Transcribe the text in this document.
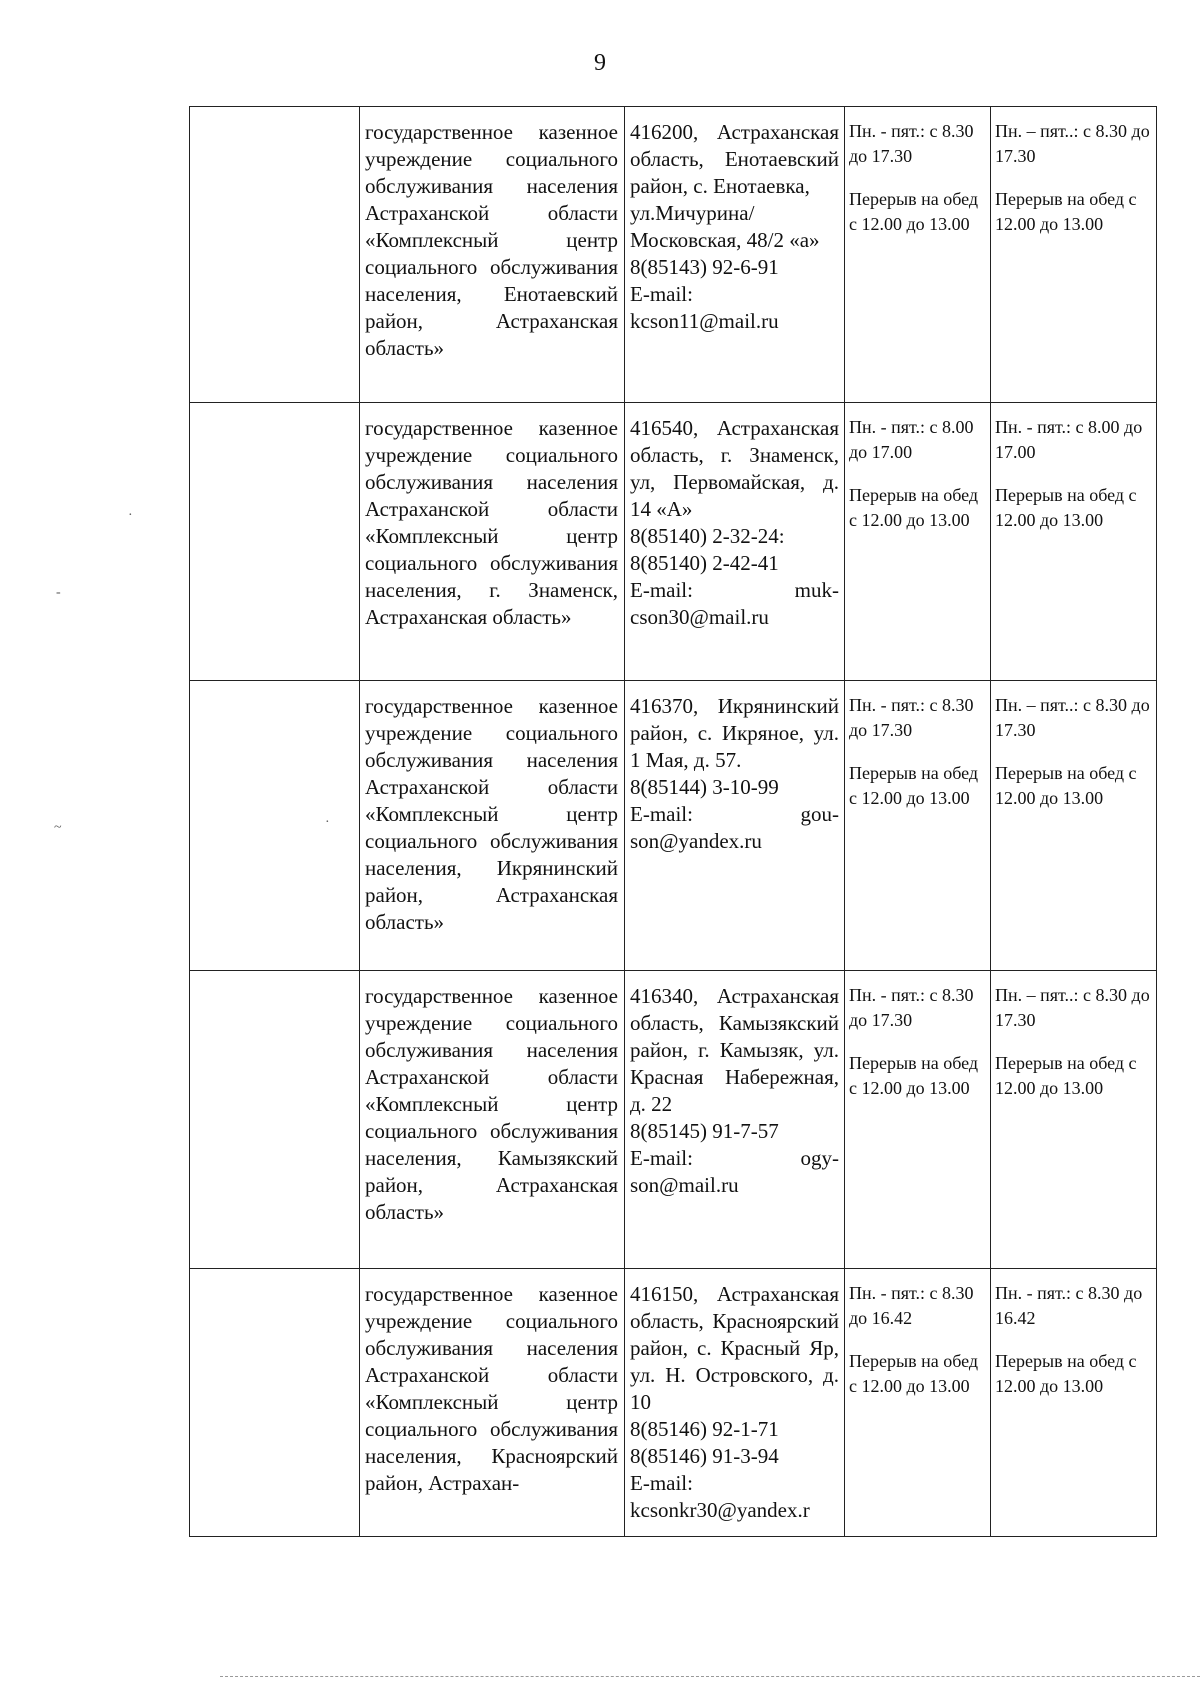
9

	государственное казенное учреждение социального обслуживания населения Астраханской области «Комплексный центр социального обслуживания населения, Енотаевский район, Астраханская область»	416200, Астраханская область, Енотаевский район, с. Енотаевка,
ул.Мичурина/Московская, 48/2 «а»
8(85143) 92-6-91
E-mail:
kcson11@mail.ru	Пн. - пят.: с 8.30 до 17.30
Перерыв на обед с 12.00 до 13.00	Пн. – пят..: с 8.30 до 17.30
Перерыв на обед с 12.00 до 13.00

	государственное казенное учреждение социального обслуживания населения Астраханской области «Комплексный центр социального обслуживания населения, г. Знаменск, Астраханская область»	416540, Астраханская область, г. Знаменск, ул, Первомайская, д. 14 «А»
8(85140) 2-32-24:
8(85140) 2-42-41
E-mail: muk-cson30@mail.ru	Пн. - пят.: с 8.00 до 17.00
Перерыв на обед с 12.00 до 13.00	Пн. - пят.: с 8.00 до 17.00
Перерыв на обед с 12.00 до 13.00

	государственное казенное учреждение социального обслуживания населения Астраханской области «Комплексный центр социального обслуживания населения, Икрянинский район, Астраханская область»	416370, Икрянинский район, с. Икряное, ул. 1 Мая, д. 57.
8(85144) 3-10-99
E-mail: gou-son@yandex.ru	Пн. - пят.: с 8.30 до 17.30
Перерыв на обед с 12.00 до 13.00	Пн. – пят..: с 8.30 до 17.30
Перерыв на обед с 12.00 до 13.00

	государственное казенное учреждение социального обслуживания населения Астраханской области «Комплексный центр социального обслуживания населения, Камызякский район, Астраханская область»	416340, Астраханская область, Камызякский район, г. Камызяк, ул. Красная Набережная, д. 22
8(85145) 91-7-57
E-mail: ogy-son@mail.ru	Пн. - пят.: с 8.30 до 17.30
Перерыв на обед с 12.00 до 13.00	Пн. – пят..: с 8.30 до 17.30
Перерыв на обед с 12.00 до 13.00

	государственное казенное учреждение социального обслуживания населения Астраханской области «Комплексный центр социального обслуживания населения, Красноярский район, Астрахан-	416150, Астраханская область, Красноярский район, с. Красный Яр, ул. Н. Островского, д. 10
8(85146) 92-1-71
8(85146) 91-3-94
E-mail:
kcsonkr30@yandex.r	Пн. - пят.: с 8.30 до 16.42
Перерыв на обед с 12.00 до 13.00	Пн. - пят.: с 8.30 до 16.42
Перерыв на обед с 12.00 до 13.00
·
-
~	·
